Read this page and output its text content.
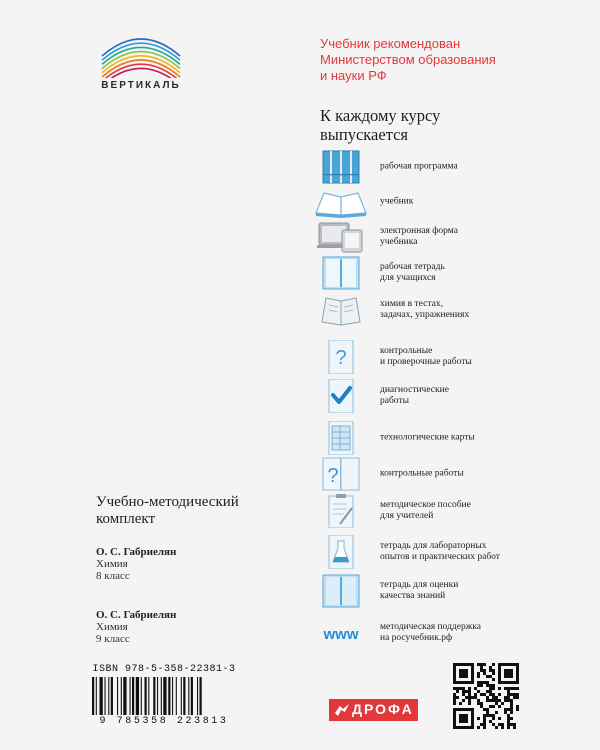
ВЕРТИКАЛЬ
Учебник рекомендован
Министерством образования
и науки РФ
К каждому курсу
выпускается
рабочая программа
учебник
электронная форма
учебника
рабочая тетрадь
для учащихся
химия в тестах,
задачах, упражнениях
?	контрольные
и проверочные работы
диагностические
работы
технологические карты
?	контрольные работы
методическое пособие
для учителей
тетрадь для лабораторных
опытов и практических работ
тетрадь для оценки
качества знаний
www методическая поддержка
на росучебник.рф
Учебно-методический
комплект
О. С. Габриелян
Химия
8 класс
О. С. Габриелян
Химия
9 класс
ISBN 978-5-358-22381-3
9 785358 223813
ДРОФА
